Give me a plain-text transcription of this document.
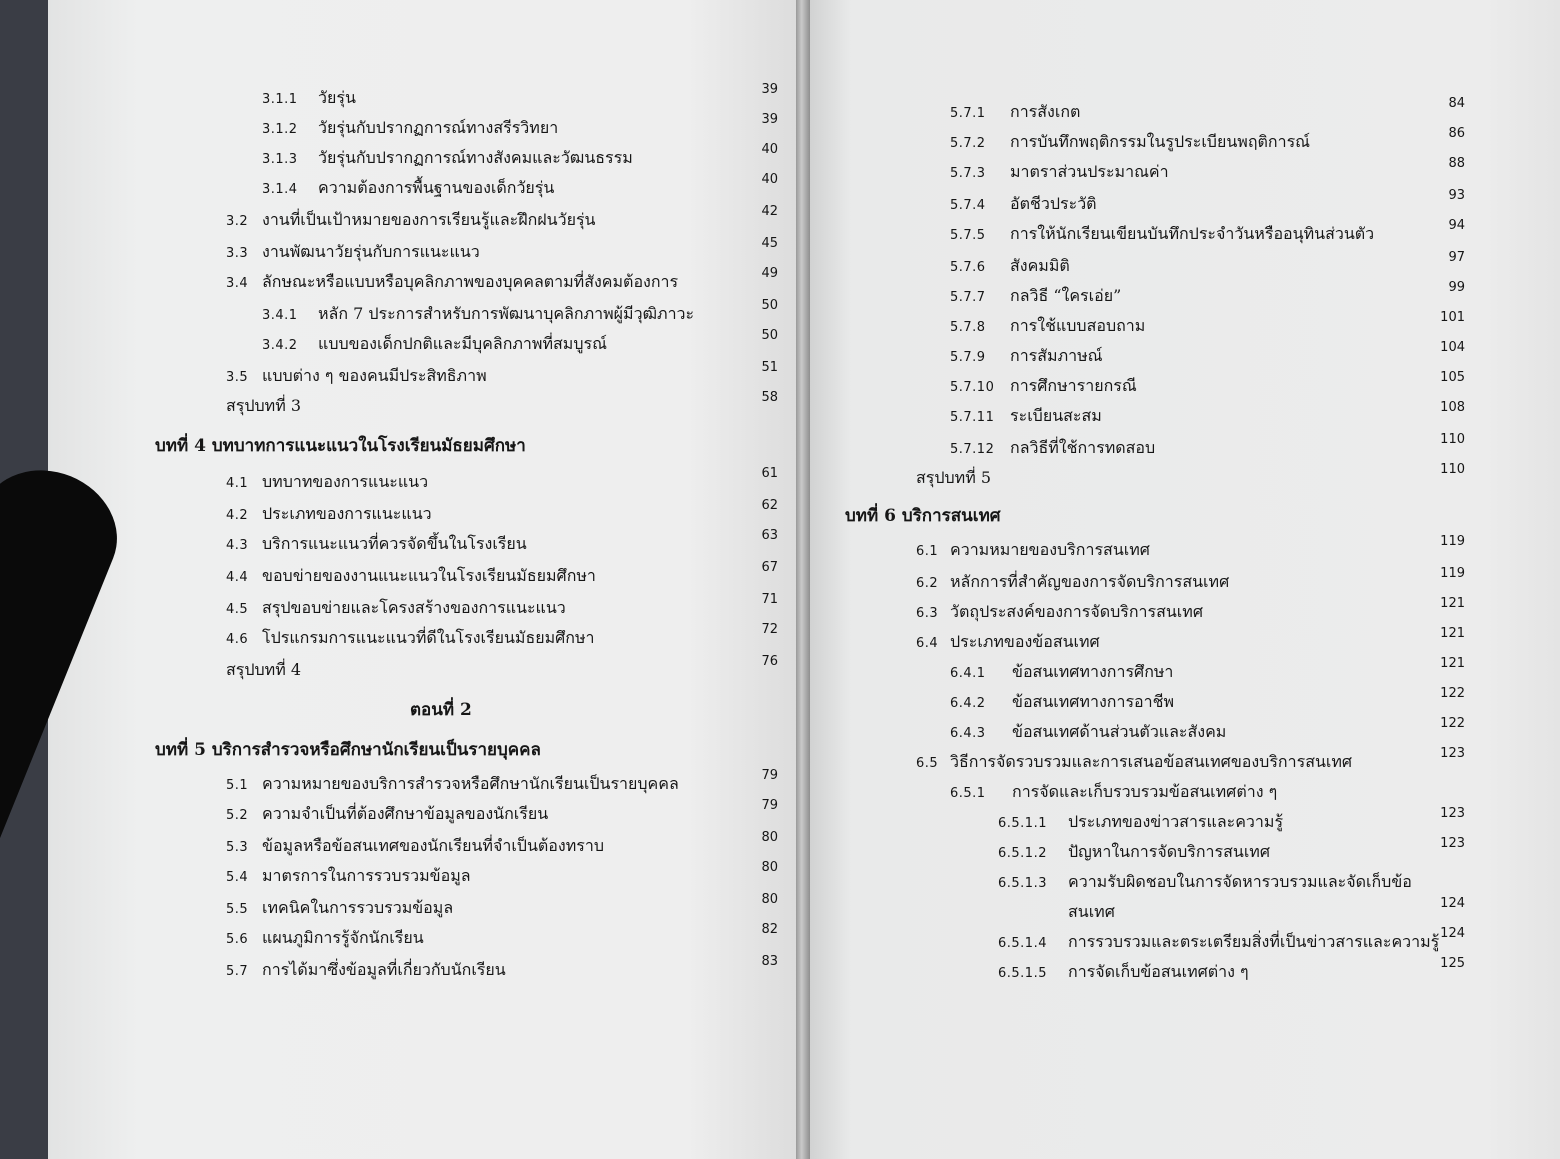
3.1.1 วัยรุ่น	39
3.1.2 วัยรุ่นกับปรากฏการณ์ทางสรีรวิทยา	39
3.1.3 วัยรุ่นกับปรากฏการณ์ทางสังคมและวัฒนธรรม	40
3.1.4 ความต้องการพื้นฐานของเด็กวัยรุ่น	40
3.2 งานที่เป็นเป้าหมายของการเรียนรู้และฝึกฝนวัยรุ่น	42
3.3 งานพัฒนาวัยรุ่นกับการแนะแนว	45
3.4 ลักษณะหรือแบบหรือบุคลิกภาพของบุคคลตามที่สังคมต้องการ	49
3.4.1 หลัก 7 ประการสำหรับการพัฒนาบุคลิกภาพผู้มีวุฒิภาวะ	50
3.4.2 แบบของเด็กปกติและมีบุคลิกภาพที่สมบูรณ์	50
3.5 แบบต่าง ๆ ของคนมีประสิทธิภาพ	51
สรุปบทที่ 3	58
บทที่ 4 บทบาทการแนะแนวในโรงเรียนมัธยมศึกษา
4.1 บทบาทของการแนะแนว	61
4.2 ประเภทของการแนะแนว	62
4.3 บริการแนะแนวที่ควรจัดขึ้นในโรงเรียน	63
4.4 ขอบข่ายของงานแนะแนวในโรงเรียนมัธยมศึกษา	67
4.5 สรุปขอบข่ายและโครงสร้างของการแนะแนว	71
4.6 โปรแกรมการแนะแนวที่ดีในโรงเรียนมัธยมศึกษา	72
สรุปบทที่ 4	76
ตอนที่ 2
บทที่ 5 บริการสำรวจหรือศึกษานักเรียนเป็นรายบุคคล
5.1 ความหมายของบริการสำรวจหรือศึกษานักเรียนเป็นรายบุคคล	79
5.2 ความจำเป็นที่ต้องศึกษาข้อมูลของนักเรียน	79
5.3 ข้อมูลหรือข้อสนเทศของนักเรียนที่จำเป็นต้องทราบ	80
5.4 มาตรการในการรวบรวมข้อมูล	80
5.5 เทคนิคในการรวบรวมข้อมูล	80
5.6 แผนภูมิการรู้จักนักเรียน	82
5.7 การได้มาซึ่งข้อมูลที่เกี่ยวกับนักเรียน	83
5.7.1 การสังเกต	84
5.7.2 การบันทึกพฤติกรรมในรูประเบียนพฤติการณ์	86
5.7.3 มาตราส่วนประมาณค่า	88
5.7.4 อัตชีวประวัติ	93
5.7.5 การให้นักเรียนเขียนบันทึกประจำวันหรืออนุทินส่วนตัว	94
5.7.6 สังคมมิติ	97
5.7.7 กลวิธี “ใครเอ่ย”	99
5.7.8 การใช้แบบสอบถาม	101
5.7.9 การสัมภาษณ์	104
5.7.10 การศึกษารายกรณี	105
5.7.11 ระเบียนสะสม	108
5.7.12 กลวิธีที่ใช้การทดสอบ	110
สรุปบทที่ 5	110
บทที่ 6 บริการสนเทศ
6.1 ความหมายของบริการสนเทศ	119
6.2 หลักการที่สำคัญของการจัดบริการสนเทศ	119
6.3 วัตถุประสงค์ของการจัดบริการสนเทศ	121
6.4 ประเภทของข้อสนเทศ	121
6.4.1 ข้อสนเทศทางการศึกษา	121
6.4.2 ข้อสนเทศทางการอาชีพ	122
6.4.3 ข้อสนเทศด้านส่วนตัวและสังคม	122
6.5 วิธีการจัดรวบรวมและการเสนอข้อสนเทศของบริการสนเทศ	123
6.5.1 การจัดและเก็บรวบรวมข้อสนเทศต่าง ๆ
6.5.1.1 ประเภทของข่าวสารและความรู้	123
6.5.1.2 ปัญหาในการจัดบริการสนเทศ	123
6.5.1.3 ความรับผิดชอบในการจัดหารวบรวมและจัดเก็บข้อ
สนเทศ	124
6.5.1.4 การรวบรวมและตระเตรียมสิ่งที่เป็นข่าวสารและความรู้ 124
6.5.1.5 การจัดเก็บข้อสนเทศต่าง ๆ	125
